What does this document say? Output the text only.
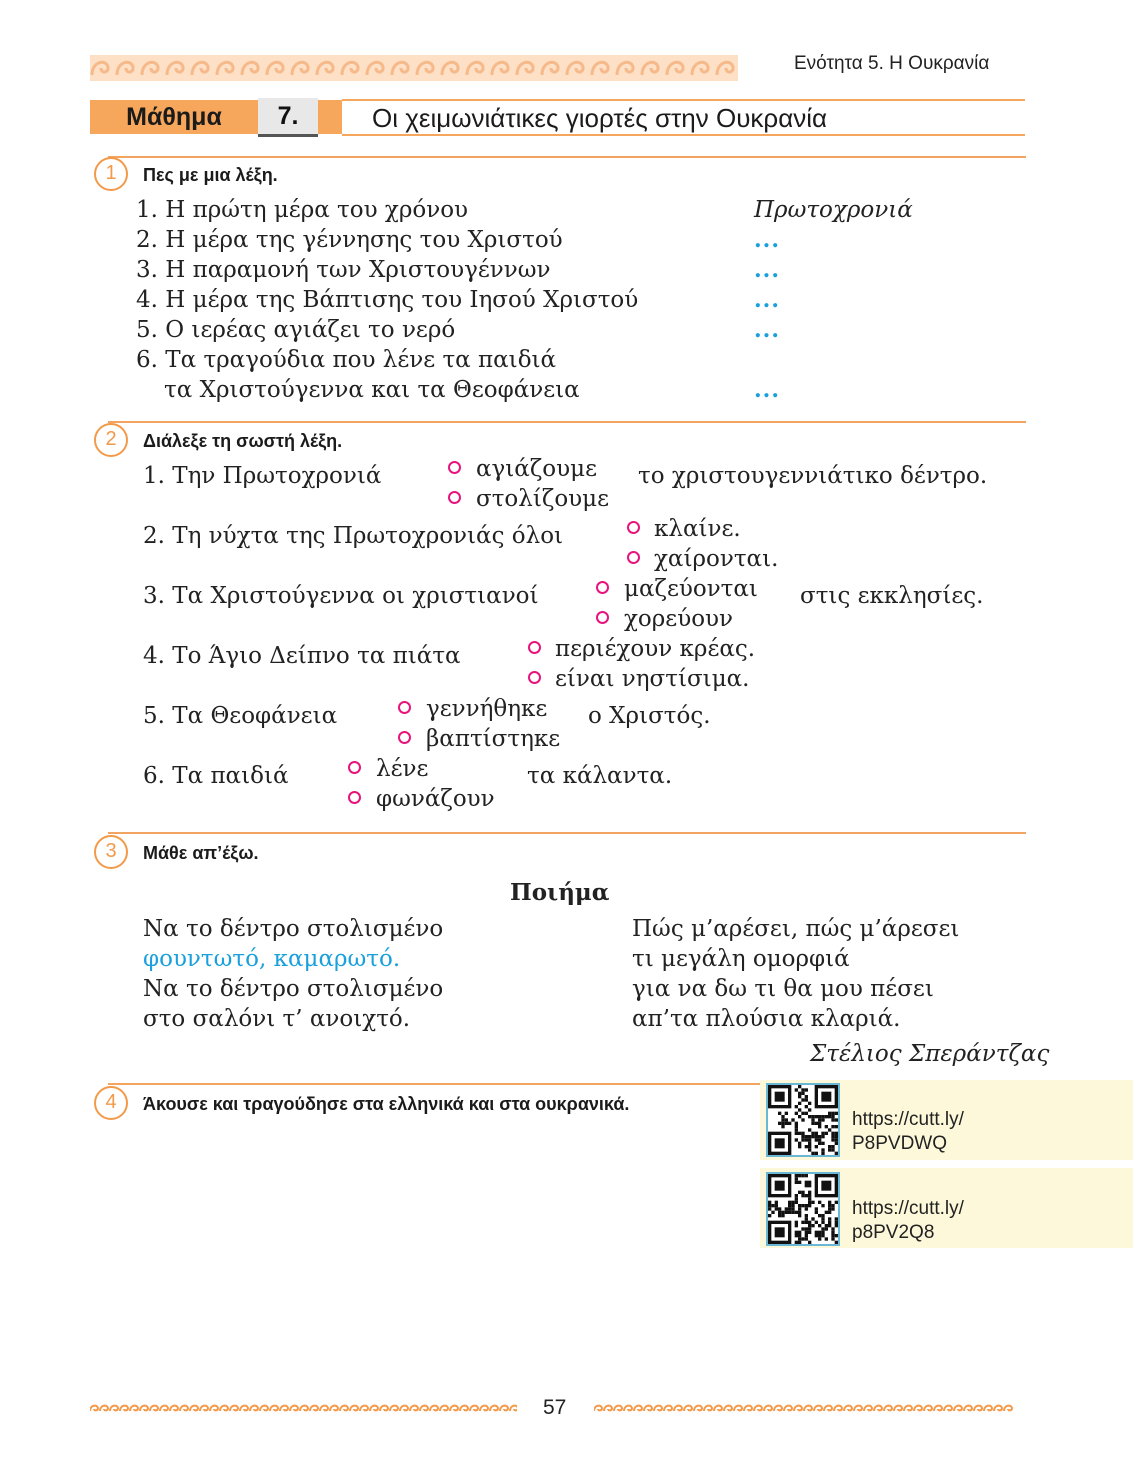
Ενότητα 5. Η Ουκρανία
Μάθημα	7.	Οι χειμωνιάτικες γιορτές στην Ουκρανία
1	Πες με μια λέξη.
1. Η πρώτη μέρα του χρόνου	Πρωτοχρονιά
2. Η μέρα της γέννησης του Χριστού	...
3. Η παραμονή των Χριστουγέννων	...
4. Η μέρα της Βάπτισης του Ιησού Χριστού	...
5. Ο ιερέας αγιάζει το νερό	...
6. Τα τραγούδια που λένε τα παιδιά
τα Χριστούγεννα και τα Θεοφάνεια	...
2	Διάλεξε τη σωστή λέξη.
1. Την Πρωτοχρονιά	αγιάζουμε
στολίζουμε
το χριστουγεννιάτικο δέντρο.
2. Τη νύχτα της Πρωτοχρονιάς όλοι	κλαίνε.
χαίρονται.
3. Τα Χριστούγεννα οι χριστιανοί	μαζεύονται
χορεύουν
στις εκκλησίες.
4. Το Άγιο Δείπνο τα πιάτα	περιέχουν κρέας.
είναι νηστίσιμα.
5. Τα Θεοφάνεια	γεννήθηκε
βαπτίστηκε
ο Χριστός.
6. Τα παιδιά	λένε
φωνάζουν
τα κάλαντα.
3	Μάθε απ’έξω.
Ποιήμα
Να το δέντρο στολισμένο
φουντωτό, καμαρωτό.
Να το δέντρο στολισμένο
στο σαλόνι τ’ ανοιχτό.
Πώς μ’αρέσει, πώς μ’άρεσει
τι μεγάλη ομορφιά
για να δω τι θα μου πέσει
απ’τα πλούσια κλαριά.
Στέλιος Σπεράντζας
4	Άκουσε και τραγούδησε στα ελληνικά και στα ουκρανικά.
https://cutt.ly/
P8PVDWQ
https://cutt.ly/
p8PV2Q8
57
